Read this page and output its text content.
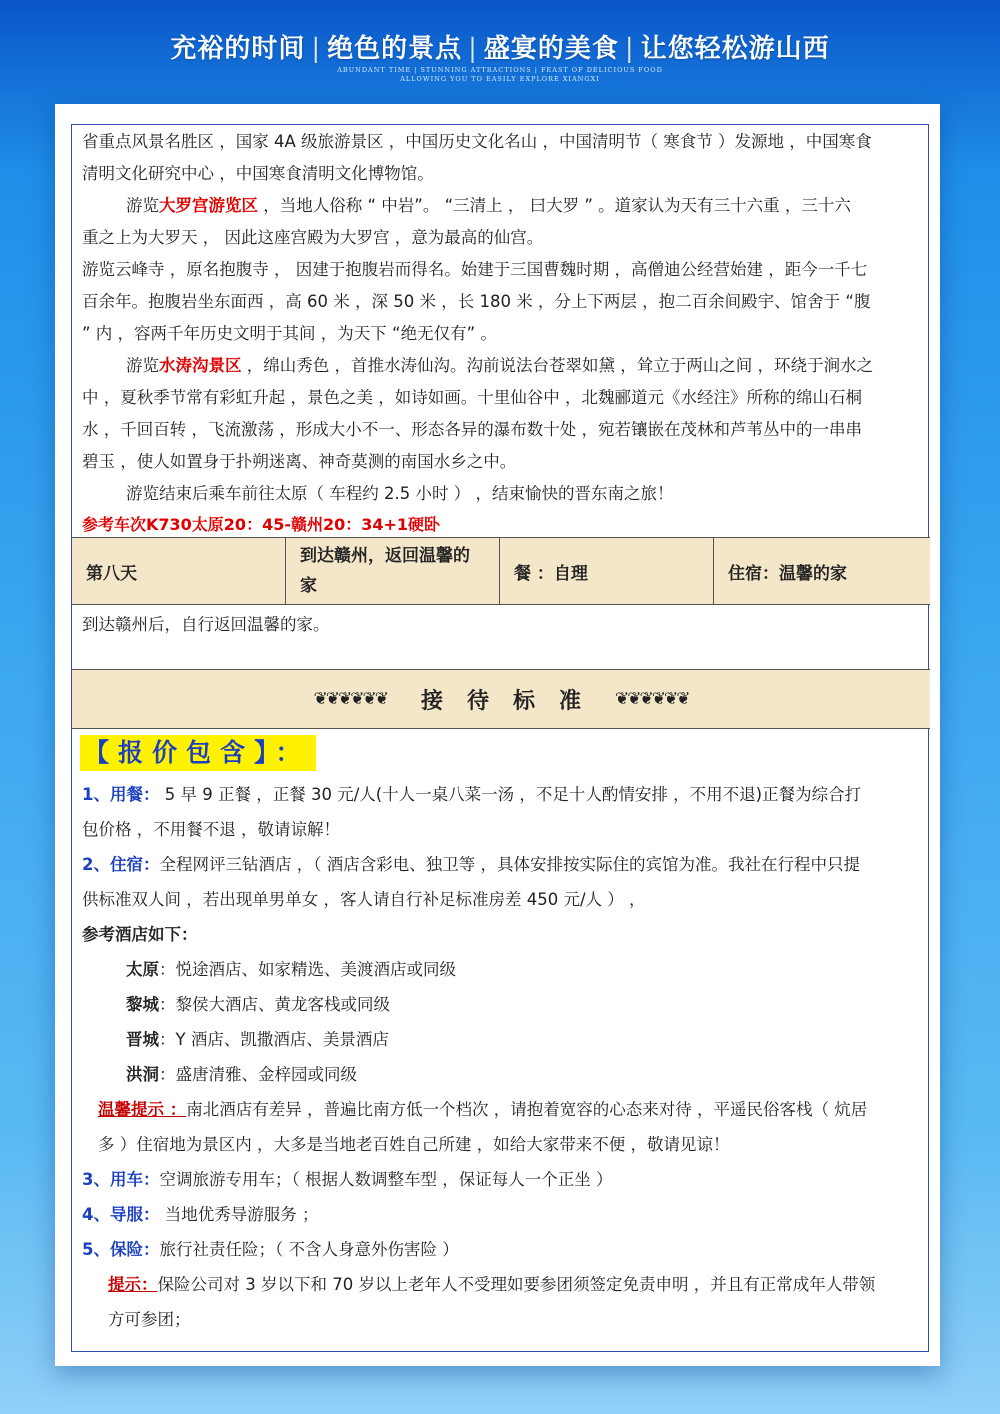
充裕的时间 | 绝色的景点 | 盛宴的美食 | 让您轻松游山西
ABUNDANT TIME | STUNNING ATTRACTIONS | FEAST OF DELICIOUS FOOD
ALLOWING YOU TO EASILY EXPLORE XIANGXI
省重点风景名胜区 ，国家 4A 级旅游景区 ，中国历史文化名山 ，中国清明节（ 寒食节 ）发源地 ，中国寒食
清明文化研究中心 ，中国寒食清明文化博物馆。
游览大罗宫游览区 ，当地人俗称 “ 中岩”。 “三清上 ， 曰大罗 ” 。道家认为天有三十六重 ，三十六
重之上为大罗天 ， 因此这座宫殿为大罗宫 ，意为最高的仙宫。
游览云峰寺 ，原名抱腹寺 ， 因建于抱腹岩而得名。始建于三国曹魏时期 ，高僧迪公经营始建 ，距今一千七
百余年。抱腹岩坐东面西 ，高 60 米 ，深 50 米 ，长 180 米 ，分上下两层 ，抱二百余间殿宇、馆舍于 “腹
” 内 ，容两千年历史文明于其间 ，为天下 “绝无仅有” 。
游览水涛沟景区 ，绵山秀色 ，首推水涛仙沟。沟前说法台苍翠如黛 ，耸立于两山之间 ，环绕于涧水之
中 ，夏秋季节常有彩虹升起 ，景色之美 ，如诗如画。十里仙谷中 ，北魏郦道元《水经注》所称的绵山石桐
水 ，千回百转 ，飞流激荡 ，形成大小不一、形态各异的瀑布数十处 ，宛若镶嵌在茂林和芦苇丛中的一串串
碧玉 ，使人如置身于扑朔迷离、神奇莫测的南国水乡之中。
游览结束后乘车前往太原（ 车程约 2.5 小时 ） ，结束愉快的晋东南之旅！
参考车次K730太原20：45-赣州20：34+1硬卧
第八天
到达赣州，返回温馨的家
餐 ：自理	住宿：温馨的家
到达赣州后，自行返回温馨的家。
❦❦❦❦❦❦ 接待标准 ❦❦❦❦❦❦
【报价包含】：
1、用餐： 5 早 9 正餐 ，正餐 30 元/人(十人一桌八菜一汤 ，不足十人酌情安排 ，不用不退)正餐为综合打
包价格 ，不用餐不退 ，敬请谅解！
2、住宿：全程网评三钻酒店 ，（ 酒店含彩电、独卫等 ，具体安排按实际住的宾馆为准。我社在行程中只提
供标准双人间 ，若出现单男单女 ，客人请自行补足标准房差 450 元/人 ） ，
参考酒店如下：
太原：悦途酒店、如家精选、美渡酒店或同级
黎城：黎侯大酒店、黄龙客栈或同级
晋城：Y 酒店、凯撒酒店、美景酒店
洪洞：盛唐清雅、金梓园或同级
温馨提示 ：南北酒店有差异 ，普遍比南方低一个档次 ，请抱着宽容的心态来对待 ，平遥民俗客栈（ 炕居
多 ）住宿地为景区内 ，大多是当地老百姓自己所建 ，如给大家带来不便 ，敬请见谅！
3、用车：空调旅游专用车；（ 根据人数调整车型 ，保证每人一个正坐 ）
4、导服： 当地优秀导游服务 ；
5、保险：旅行社责任险；（ 不含人身意外伤害险 ）
提示：保险公司对 3 岁以下和 70 岁以上老年人不受理如要参团须签定免责申明 ，并且有正常成年人带领
方可参团；
